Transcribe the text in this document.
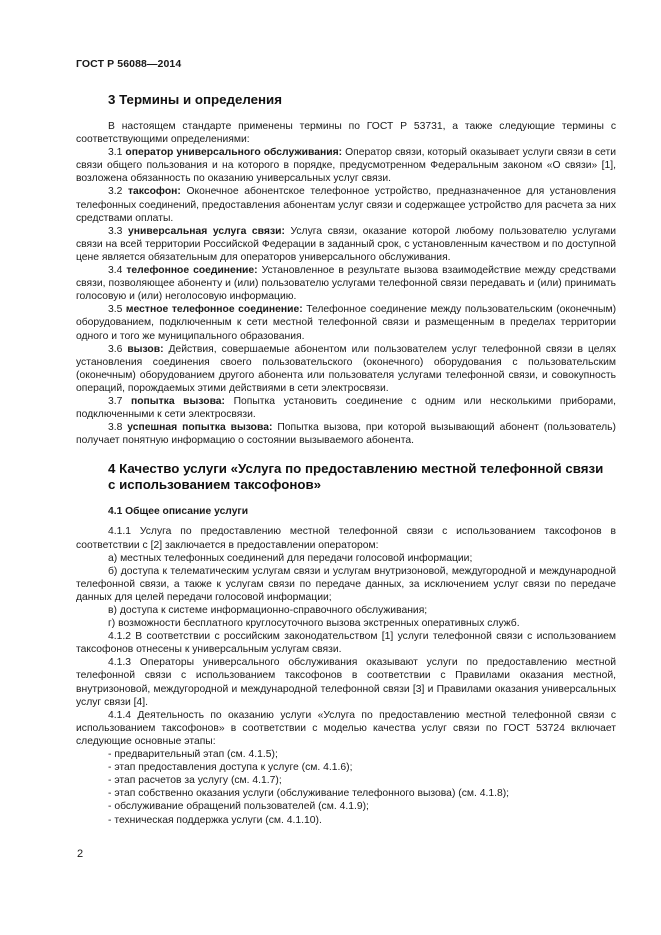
ГОСТ Р 56088—2014
3 Термины и определения

В настоящем стандарте применены термины по ГОСТ Р 53731, а также следующие термины с соответствующими определениями:

3.1 оператор универсального обслуживания: Оператор связи, который оказывает услуги связи в сети связи общего пользования и на которого в порядке, предусмотренном Федеральным законом «О связи» [1], возложена обязанность по оказанию универсальных услуг связи.

3.2 таксофон: Оконечное абонентское телефонное устройство, предназначенное для установления телефонных соединений, предоставления абонентам услуг связи и содержащее устройство для расчета за них средствами оплаты.

3.3 универсальная услуга связи: Услуга связи, оказание которой любому пользователю услугами связи на всей территории Российской Федерации в заданный срок, с установленным качеством и по доступной цене является обязательным для операторов универсального обслуживания.

3.4 телефонное соединение: Установленное в результате вызова взаимодействие между средствами связи, позволяющее абоненту и (или) пользователю услугами телефонной связи передавать и (или) принимать голосовую и (или) неголосовую информацию.

3.5 местное телефонное соединение: Телефонное соединение между пользовательским (оконечным) оборудованием, подключенным к сети местной телефонной связи и размещенным в пределах территории одного и того же муниципального образования.

3.6 вызов: Действия, совершаемые абонентом или пользователем услуг телефонной связи в целях установления соединения своего пользовательского (оконечного) оборудования с пользовательским (оконечным) оборудованием другого абонента или пользователя услугами телефонной связи, и совокупность операций, порождаемых этими действиями в сети электросвязи.

3.7 попытка вызова: Попытка установить соединение с одним или несколькими приборами, подключенными к сети электросвязи.

3.8 успешная попытка вызова: Попытка вызова, при которой вызывающий абонент (пользователь) получает понятную информацию о состоянии вызываемого абонента.

4 Качество услуги «Услуга по предоставлению местной телефонной связи
с использованием таксофонов»
4.1 Общее описание услуги

4.1.1 Услуга по предоставлению местной телефонной связи с использованием таксофонов в соответствии с [2] заключается в предоставлении оператором:

а) местных телефонных соединений для передачи голосовой информации;

б) доступа к телематическим услугам связи и услугам внутризоновой, междугородной и международной телефонной связи, а также к услугам связи по передаче данных, за исключением услуг связи по передаче данных для целей передачи голосовой информации;

в) доступа к системе информационно-справочного обслуживания;

г) возможности бесплатного круглосуточного вызова экстренных оперативных служб.

4.1.2 В соответствии с российским законодательством [1] услуги телефонной связи с использованием таксофонов отнесены к универсальным услугам связи.

4.1.3 Операторы универсального обслуживания оказывают услуги по предоставлению местной телефонной связи с использованием таксофонов в соответствии с Правилами оказания местной, внутризоновой, междугородной и международной телефонной связи [3] и Правилами оказания универсальных услуг связи [4].

4.1.4 Деятельность по оказанию услуги «Услуга по предоставлению местной телефонной связи с использованием таксофонов» в соответствии с моделью качества услуг связи по ГОСТ 53724 включает следующие основные этапы:

- предварительный этап (см. 4.1.5);

- этап предоставления доступа к услуге (см. 4.1.6);

- этап расчетов за услугу (см. 4.1.7);

- этап собственно оказания услуги (обслуживание телефонного вызова) (см. 4.1.8);

- обслуживание обращений пользователей (см. 4.1.9);

- техническая поддержка услуги (см. 4.1.10).

2
